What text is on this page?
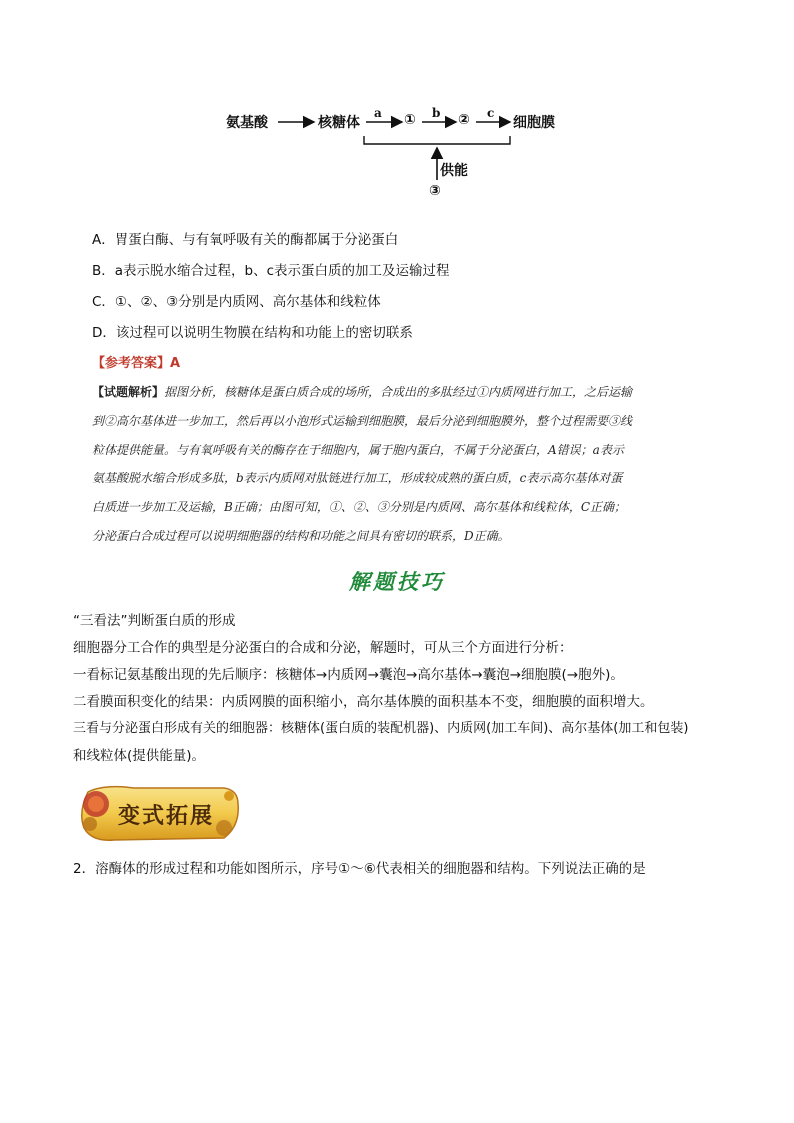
氨基酸	核糖体
a ① b ② c
细胞膜
供能
③
A．胃蛋白酶、与有氧呼吸有关的酶都属于分泌蛋白
B．a表示脱水缩合过程，b、c表示蛋白质的加工及运输过程
C．①、②、③分别是内质网、高尔基体和线粒体
D．该过程可以说明生物膜在结构和功能上的密切联系
【参考答案】A
【试题解析】据图分析，核糖体是蛋白质合成的场所，合成出的多肽经过①内质网进行加工，之后运输
到②高尔基体进一步加工，然后再以小泡形式运输到细胞膜，最后分泌到细胞膜外，整个过程需要③线
粒体提供能量。与有氧呼吸有关的酶存在于细胞内，属于胞内蛋白，不属于分泌蛋白，A错误；a表示
氨基酸脱水缩合形成多肽，b表示内质网对肽链进行加工，形成较成熟的蛋白质，c表示高尔基体对蛋
白质进一步加工及运输，B正确；由图可知，①、②、③分别是内质网、高尔基体和线粒体，C正确；
分泌蛋白合成过程可以说明细胞器的结构和功能之间具有密切的联系，D正确。
解题技巧
“三看法”判断蛋白质的形成
细胞器分工合作的典型是分泌蛋白的合成和分泌，解题时，可从三个方面进行分析：
一看标记氨基酸出现的先后顺序：核糖体→内质网→囊泡→高尔基体→囊泡→细胞膜(→胞外)。
二看膜面积变化的结果：内质网膜的面积缩小，高尔基体膜的面积基本不变，细胞膜的面积增大。
三看与分泌蛋白形成有关的细胞器：核糖体(蛋白质的装配机器)、内质网(加工车间)、高尔基体(加工和包装)
和线粒体(提供能量)。
变式拓展
2．溶酶体的形成过程和功能如图所示，序号①～⑥代表相关的细胞器和结构。下列说法正确的是
